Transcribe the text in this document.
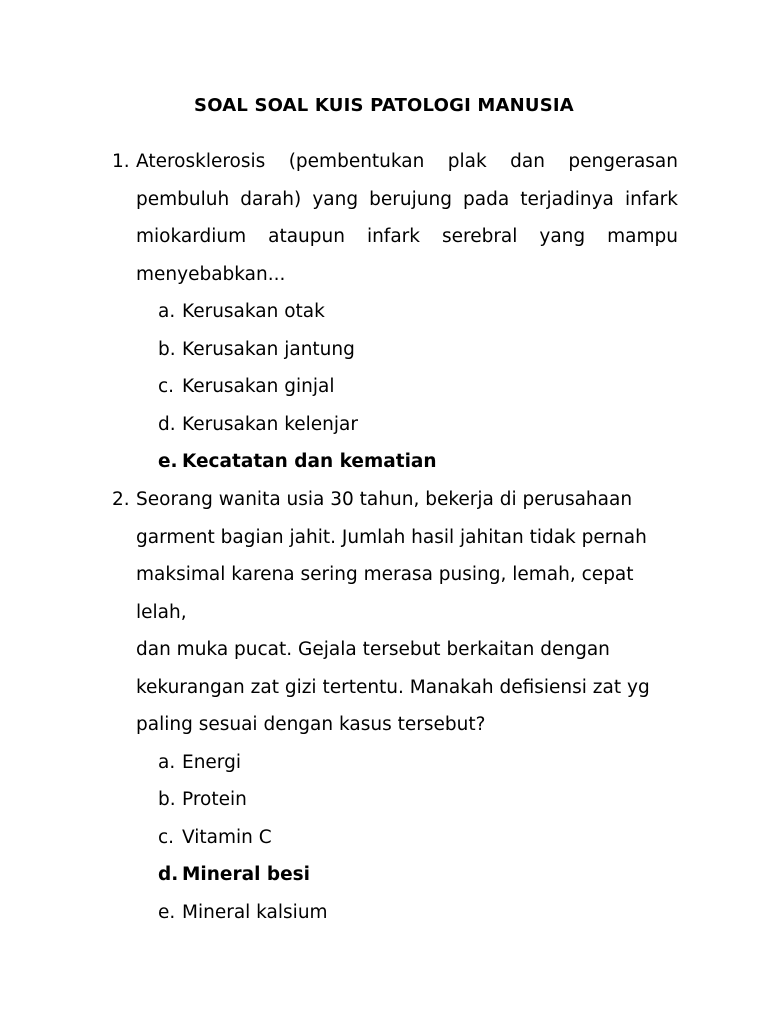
SOAL SOAL KUIS PATOLOGI MANUSIA
1. Aterosklerosis (pembentukan plak dan pengerasan pembuluh darah) yang berujung pada terjadinya infark miokardium ataupun infark serebral yang mampu menyebabkan...
a. Kerusakan otak
b. Kerusakan jantung
c. Kerusakan ginjal
d. Kerusakan kelenjar
e. Kecatatan dan kematian
2. Seorang wanita usia 30 tahun, bekerja di perusahaan
garment bagian jahit. Jumlah hasil jahitan tidak pernah
maksimal karena sering merasa pusing, lemah, cepat lelah,
dan muka pucat. Gejala tersebut berkaitan dengan
kekurangan zat gizi tertentu. Manakah defisiensi zat yg
paling sesuai dengan kasus tersebut?
a. Energi
b. Protein
c. Vitamin C
d. Mineral besi
e. Mineral kalsium
